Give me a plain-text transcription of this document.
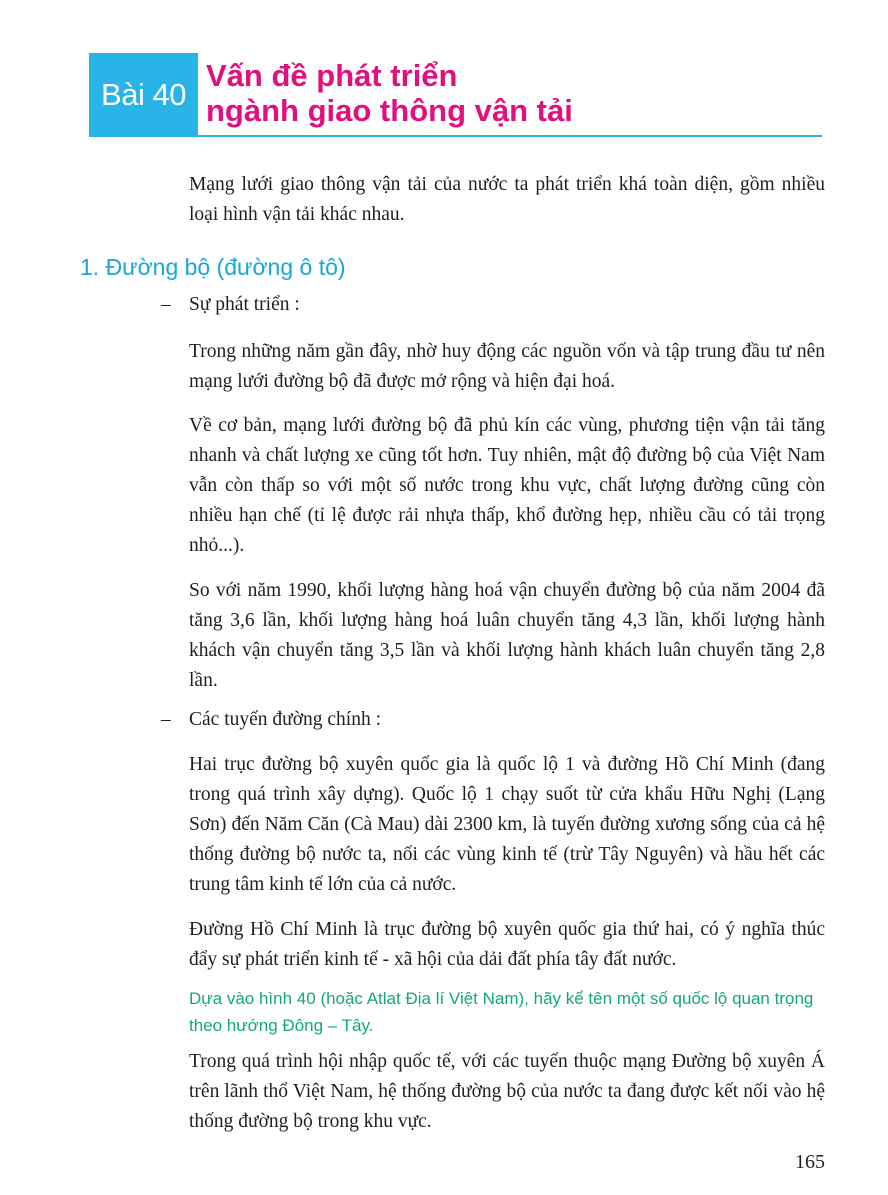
Bài 40
Vấn đề phát triển
ngành giao thông vận tải

Mạng lưới giao thông vận tải của nước ta phát triển khá toàn diện, gồm nhiều loại hình vận tải khác nhau.

1. Đường bộ (đường ô tô)
– Sự phát triển :

Trong những năm gần đây, nhờ huy động các nguồn vốn và tập trung đầu tư nên mạng lưới đường bộ đã được mở rộng và hiện đại hoá.

Về cơ bản, mạng lưới đường bộ đã phủ kín các vùng, phương tiện vận tải tăng nhanh và chất lượng xe cũng tốt hơn. Tuy nhiên, mật độ đường bộ của Việt Nam vẫn còn thấp so với một số nước trong khu vực, chất lượng đường cũng còn nhiều hạn chế (tỉ lệ được rải nhựa thấp, khổ đường hẹp, nhiều cầu có tải trọng nhỏ...).

So với năm 1990, khối lượng hàng hoá vận chuyển đường bộ của năm 2004 đã tăng 3,6 lần, khối lượng hàng hoá luân chuyển tăng 4,3 lần, khối lượng hành khách vận chuyển tăng 3,5 lần và khối lượng hành khách luân chuyển tăng 2,8 lần.

– Các tuyến đường chính :

Hai trục đường bộ xuyên quốc gia là quốc lộ 1 và đường Hồ Chí Minh (đang trong quá trình xây dựng). Quốc lộ 1 chạy suốt từ cửa khẩu Hữu Nghị (Lạng Sơn) đến Năm Căn (Cà Mau) dài 2300 km, là tuyến đường xương sống của cả hệ thống đường bộ nước ta, nối các vùng kinh tế (trừ Tây Nguyên) và hầu hết các trung tâm kinh tế lớn của cả nước.

Đường Hồ Chí Minh là trục đường bộ xuyên quốc gia thứ hai, có ý nghĩa thúc đẩy sự phát triển kinh tế - xã hội của dải đất phía tây đất nước.

Dựa vào hình 40 (hoặc Atlat Địa lí Việt Nam), hãy kể tên một số quốc lộ quan trọng theo hướng Đông – Tây.

Trong quá trình hội nhập quốc tế, với các tuyến thuộc mạng Đường bộ xuyên Á trên lãnh thổ Việt Nam, hệ thống đường bộ của nước ta đang được kết nối vào hệ thống đường bộ trong khu vực.

165
